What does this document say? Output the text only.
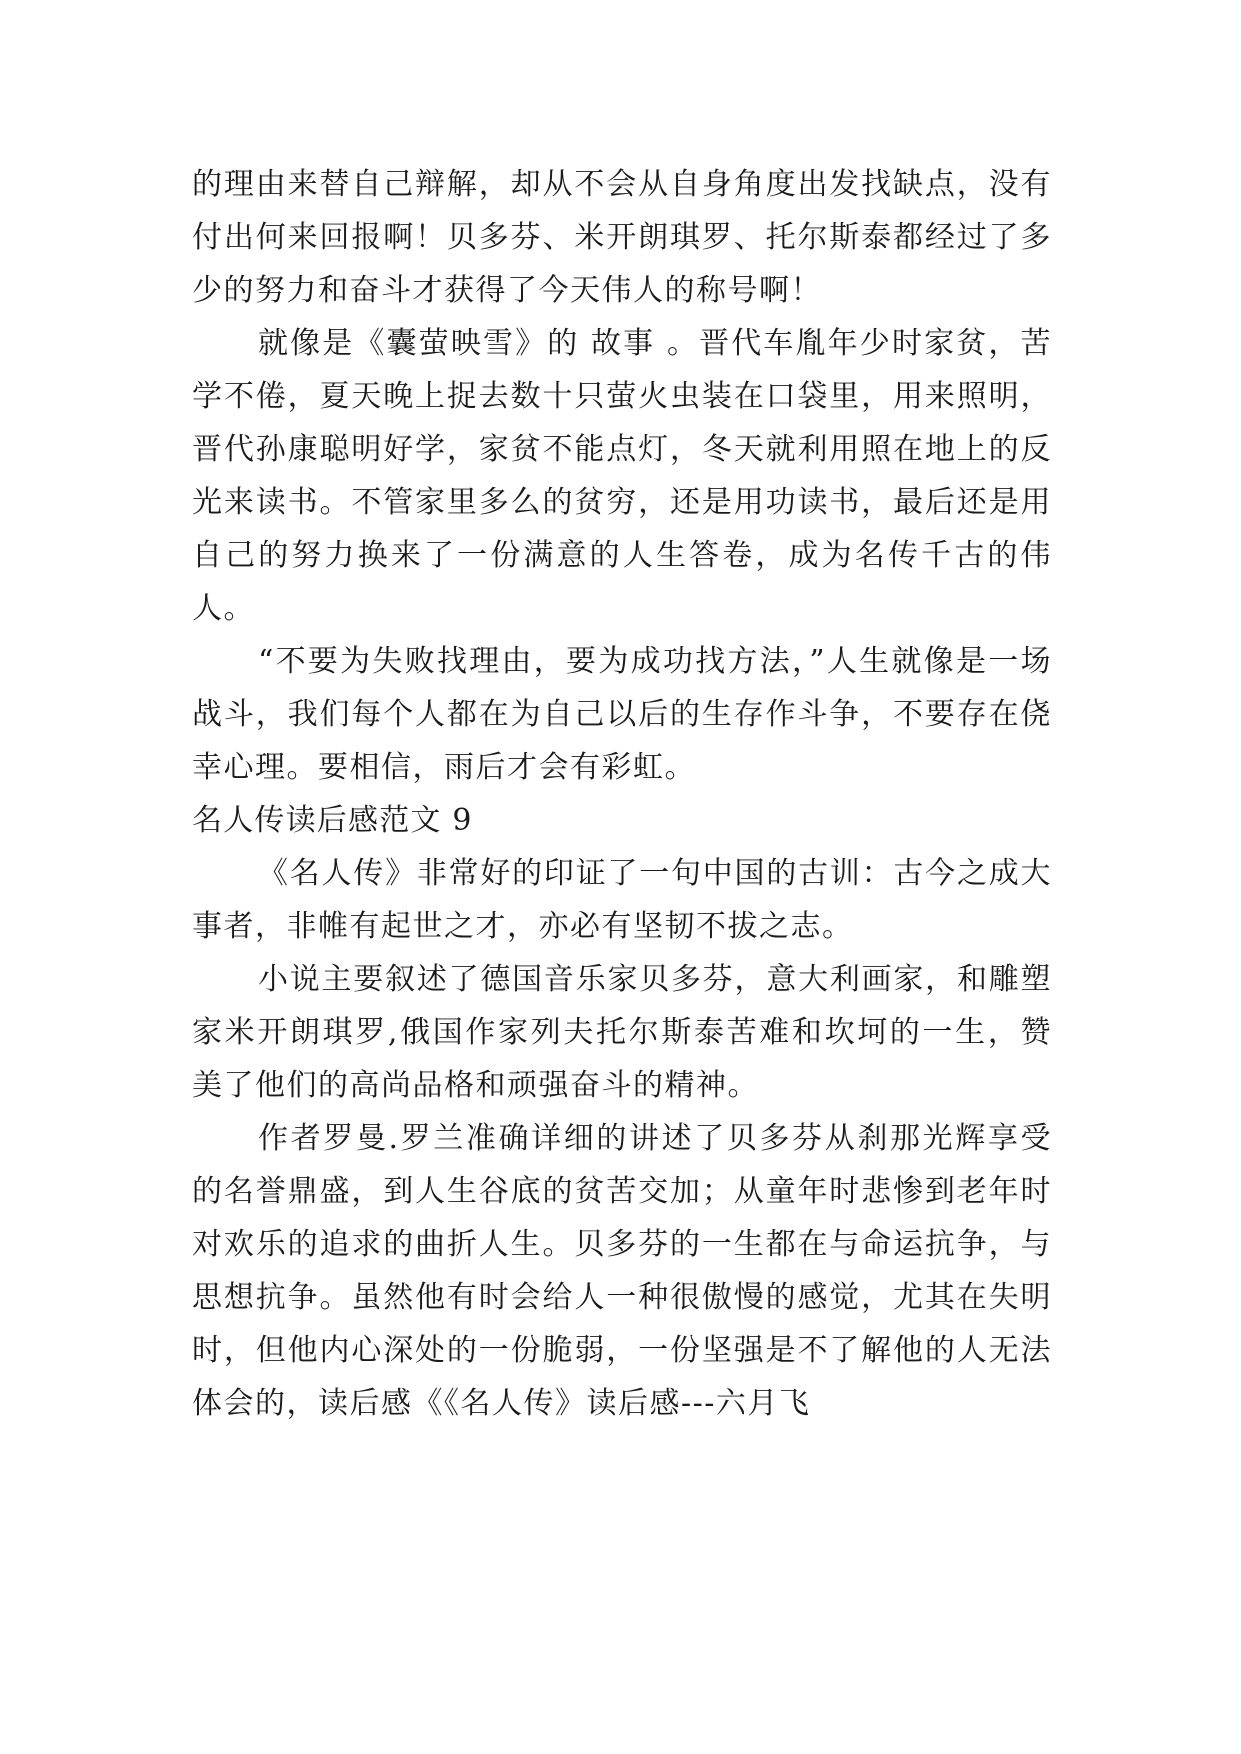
的理由来替自己辩解，却从不会从自身角度出发找缺点，没有付出何来回报啊！贝多芬、米开朗琪罗、托尔斯泰都经过了多少的努力和奋斗才获得了今天伟人的称号啊！

就像是《囊萤映雪》的 故事 。晋代车胤年少时家贫，苦学不倦，夏天晚上捉去数十只萤火虫装在口袋里，用来照明，晋代孙康聪明好学，家贫不能点灯，冬天就利用照在地上的反光来读书。不管家里多么的贫穷，还是用功读书，最后还是用自己的努力换来了一份满意的人生答卷，成为名传千古的伟人。

“不要为失败找理由，要为成功找方法，”人生就像是一场战斗，我们每个人都在为自己以后的生存作斗争，不要存在侥幸心理。要相信，雨后才会有彩虹。

名人传读后感范文 9

《名人传》非常好的印证了一句中国的古训：古今之成大事者，非帷有起世之才，亦必有坚韧不拔之志。

小说主要叙述了德国音乐家贝多芬，意大利画家，和雕塑家米开朗琪罗,俄国作家列夫托尔斯泰苦难和坎坷的一生，赞美了他们的高尚品格和顽强奋斗的精神。

作者罗曼.罗兰准确详细的讲述了贝多芬从刹那光辉享受的名誉鼎盛，到人生谷底的贫苦交加；从童年时悲惨到老年时对欢乐的追求的曲折人生。贝多芬的一生都在与命运抗争，与思想抗争。虽然他有时会给人一种很傲慢的感觉，尤其在失明时，但他内心深处的一份脆弱，一份坚强是不了解他的人无法体会的，读后感《《名人传》读后感---六月飞
